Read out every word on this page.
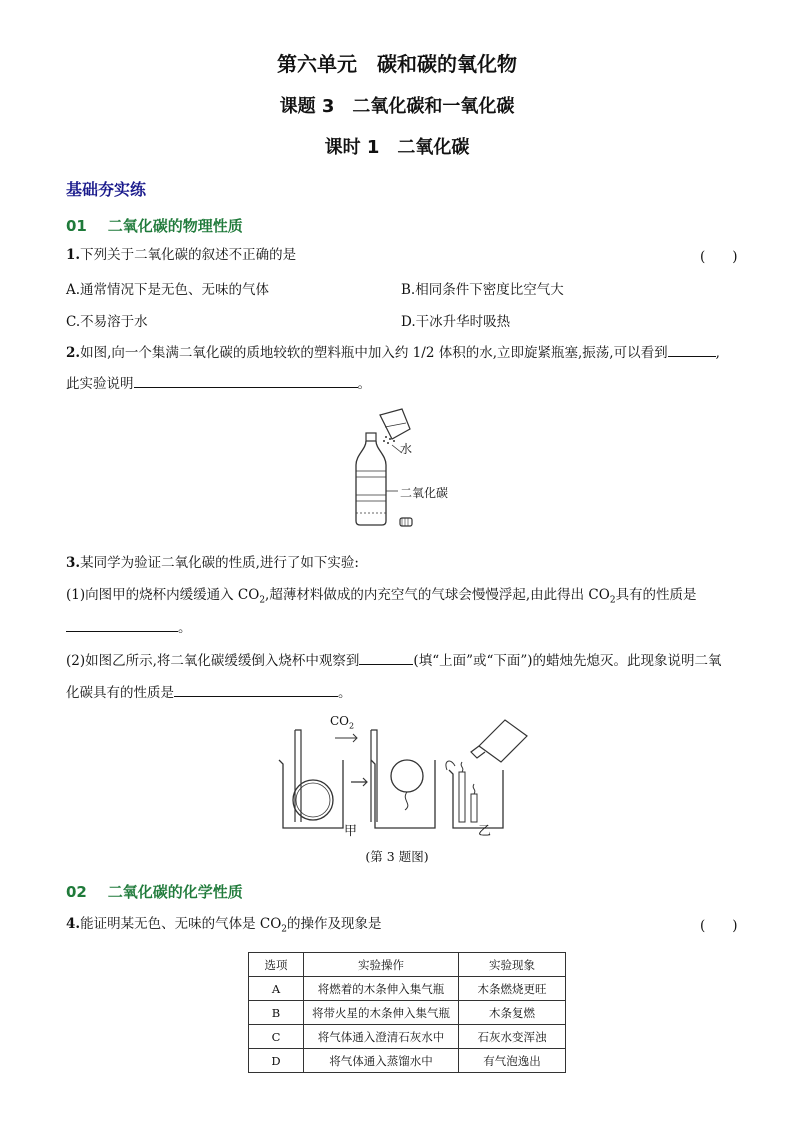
第六单元　碳和碳的氧化物
课题 3　二氧化碳和一氧化碳
课时 1　二氧化碳
基础夯实练
01 二氧化碳的物理性质
1.下列关于二氧化碳的叙述不正确的是	(　　)
A.通常情况下是无色、无味的气体	B.相同条件下密度比空气大
C.不易溶于水	D.干冰升华时吸热
2.如图,向一个集满二氧化碳的质地较软的塑料瓶中加入约 1/2 体积的水,立即旋紧瓶塞,振荡,可以看到	,
此实验说明	。
水
二氧化碳
3.某同学为验证二氧化碳的性质,进行了如下实验:
(1)向图甲的烧杯内缓缓通入 $CO_2$,超薄材料做成的内充空气的气球会慢慢浮起,由此得出 $CO_2$具有的性质是
。
(2)如图乙所示,将二氧化碳缓缓倒入烧杯中观察到	(填“上面”或“下面”)的蜡烛先熄灭。此现象说明二氧
化碳具有的性质是	。
$CO_2$
甲	乙
(第 3 题图)
02 二氧化碳的化学性质
4.能证明某无色、无味的气体是 $CO_2$的操作及现象是	(　　)
选项	实验操作	实验现象
A	将燃着的木条伸入集气瓶	木条燃烧更旺
B	将带火星的木条伸入集气瓶	木条复燃
C	将气体通入澄清石灰水中	石灰水变浑浊
D	将气体通入蒸馏水中	有气泡逸出
